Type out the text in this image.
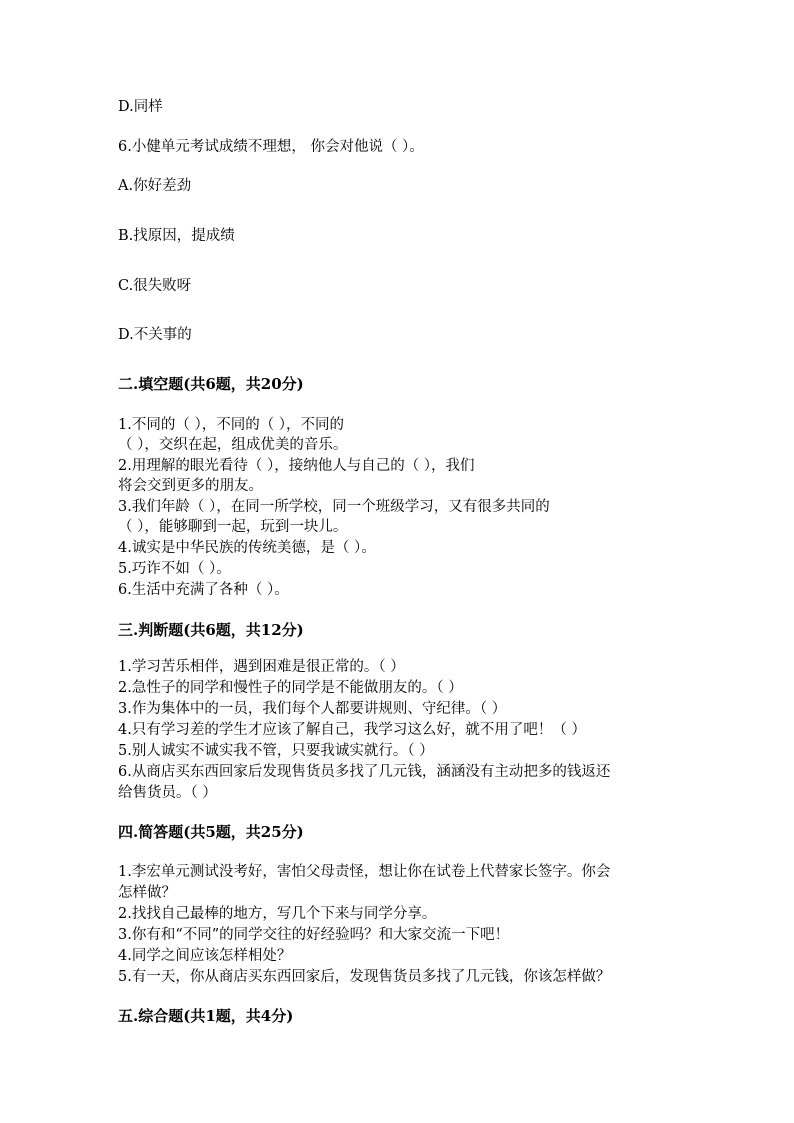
D.同样
6.小健单元考试成绩不理想， 你会对他说（ ）。
A.你好差劲
B.找原因，提成绩
C.很失败呀
D.不关事的
二.填空题(共6题，共20分)
1.不同的（ ），不同的（ ），不同的
（ ），交织在起，组成优美的音乐。
2.用理解的眼光看待（ ），接纳他人与自己的（ ），我们
将会交到更多的朋友。
3.我们年龄（ ），在同一所学校，同一个班级学习，又有很多共同的
（ ），能够聊到一起，玩到一块儿。
4.诚实是中华民族的传统美德，是（ ）。
5.巧诈不如（ ）。
6.生活中充满了各种（ ）。
三.判断题(共6题，共12分)
1.学习苦乐相伴，遇到困难是很正常的。（ ）
2.急性子的同学和慢性子的同学是不能做朋友的。（ ）
3.作为集体中的一员，我们每个人都要讲规则、守纪律。（ ）
4.只有学习差的学生才应该了解自己，我学习这么好，就不用了吧！（ ）
5.别人诚实不诚实我不管，只要我诚实就行。（ ）
6.从商店买东西回家后发现售货员多找了几元钱，涵涵没有主动把多的钱返还
给售货员。（ ）
四.简答题(共5题，共25分)
1.李宏单元测试没考好，害怕父母责怪，想让你在试卷上代替家长签字。你会
怎样做？
2.找找自己最棒的地方，写几个下来与同学分享。
3.你有和“不同”的同学交往的好经验吗？和大家交流一下吧！
4.同学之间应该怎样相处？
5.有一天，你从商店买东西回家后，发现售货员多找了几元钱，你该怎样做？
五.综合题(共1题，共4分)
